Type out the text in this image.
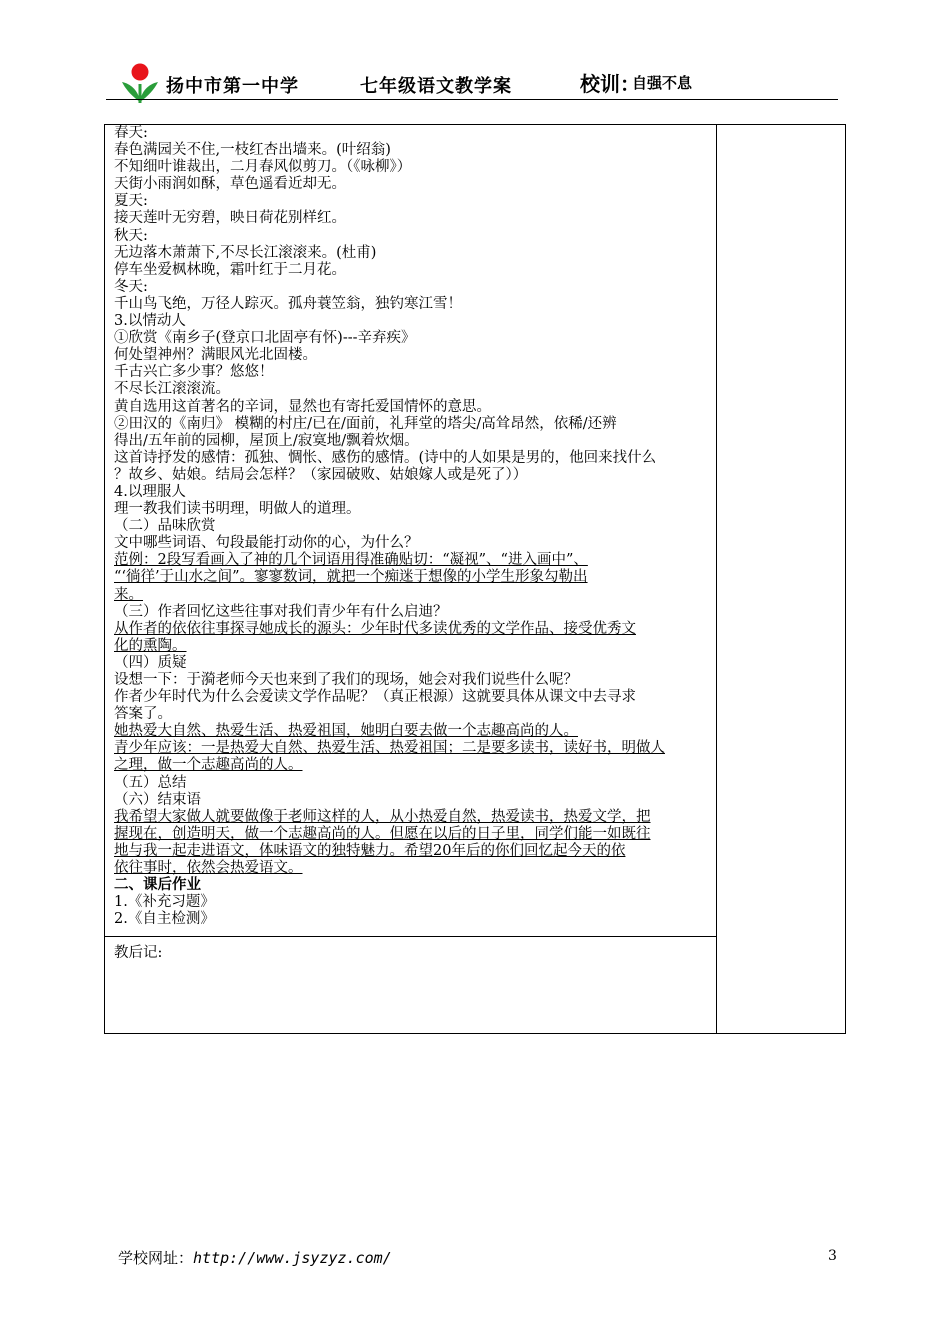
扬中市第一中学	七年级语文教学案	校训：
自强不息
春天:
春色满园关不住,一枝红杏出墙来。(叶绍翁)
不知细叶谁裁出，二月春风似剪刀。（《咏柳》）
天街小雨润如酥，草色遥看近却无。
夏天:
接天莲叶无穷碧，映日荷花别样红。
秋天:
无边落木萧萧下,不尽长江滚滚来。(杜甫)
停车坐爱枫林晚，霜叶红于二月花。
冬天:
千山鸟飞绝，万径人踪灭。孤舟蓑笠翁，独钓寒江雪！
3.以情动人
①欣赏《南乡子(登京口北固亭有怀)---辛弃疾》
何处望神州？满眼风光北固楼。
千古兴亡多少事？悠悠！
不尽长江滚滚流。
黄自选用这首著名的辛词，显然也有寄托爱国情怀的意思。
②田汉的《南归》 模糊的村庄/已在/面前，礼拜堂的塔尖/高耸昂然，依稀/还辨
得出/五年前的园柳，屋顶上/寂寞地/飘着炊烟。
这首诗抒发的感情：孤独、惆怅、感伤的感情。(诗中的人如果是男的，他回来找什么
？故乡、姑娘。结局会怎样？（家园破败、姑娘嫁人或是死了））
4.以理服人
理一教我们读书明理，明做人的道理。
（二）品味欣赏
文中哪些词语、句段最能打动你的心，为什么？
范例：2段写看画入了神的几个词语用得准确贴切：“凝视”、“进入画中”、
“‘徜徉’于山水之间”。寥寥数词，就把一个痴迷于想像的小学生形象勾勒出
来。
（三）作者回忆这些往事对我们青少年有什么启迪？
从作者的依依往事探寻她成长的源头：少年时代多读优秀的文学作品、接受优秀文
化的熏陶。
（四）质疑
设想一下：于漪老师今天也来到了我们的现场，她会对我们说些什么呢？
作者少年时代为什么会爱读文学作品呢？（真正根源）这就要具体从课文中去寻求
答案了。
她热爱大自然、热爱生活、热爱祖国，她明白要去做一个志趣高尚的人。
青少年应该：一是热爱大自然、热爱生活、热爱祖国；二是要多读书，读好书，明做人
之理，做一个志趣高尚的人。
（五）总结
（六）结束语
我希望大家做人就要做像于老师这样的人，从小热爱自然，热爱读书，热爱文学，把
握现在，创造明天，做一个志趣高尚的人。但愿在以后的日子里，同学们能一如既往
地与我一起走进语文，体味语文的独特魅力。希望20年后的你们回忆起今天的依
依往事时，依然会热爱语文。
二、课后作业
1.《补充习题》
2.《自主检测》
教后记:
学校网址：http://www.jsyzyz.com/	3
